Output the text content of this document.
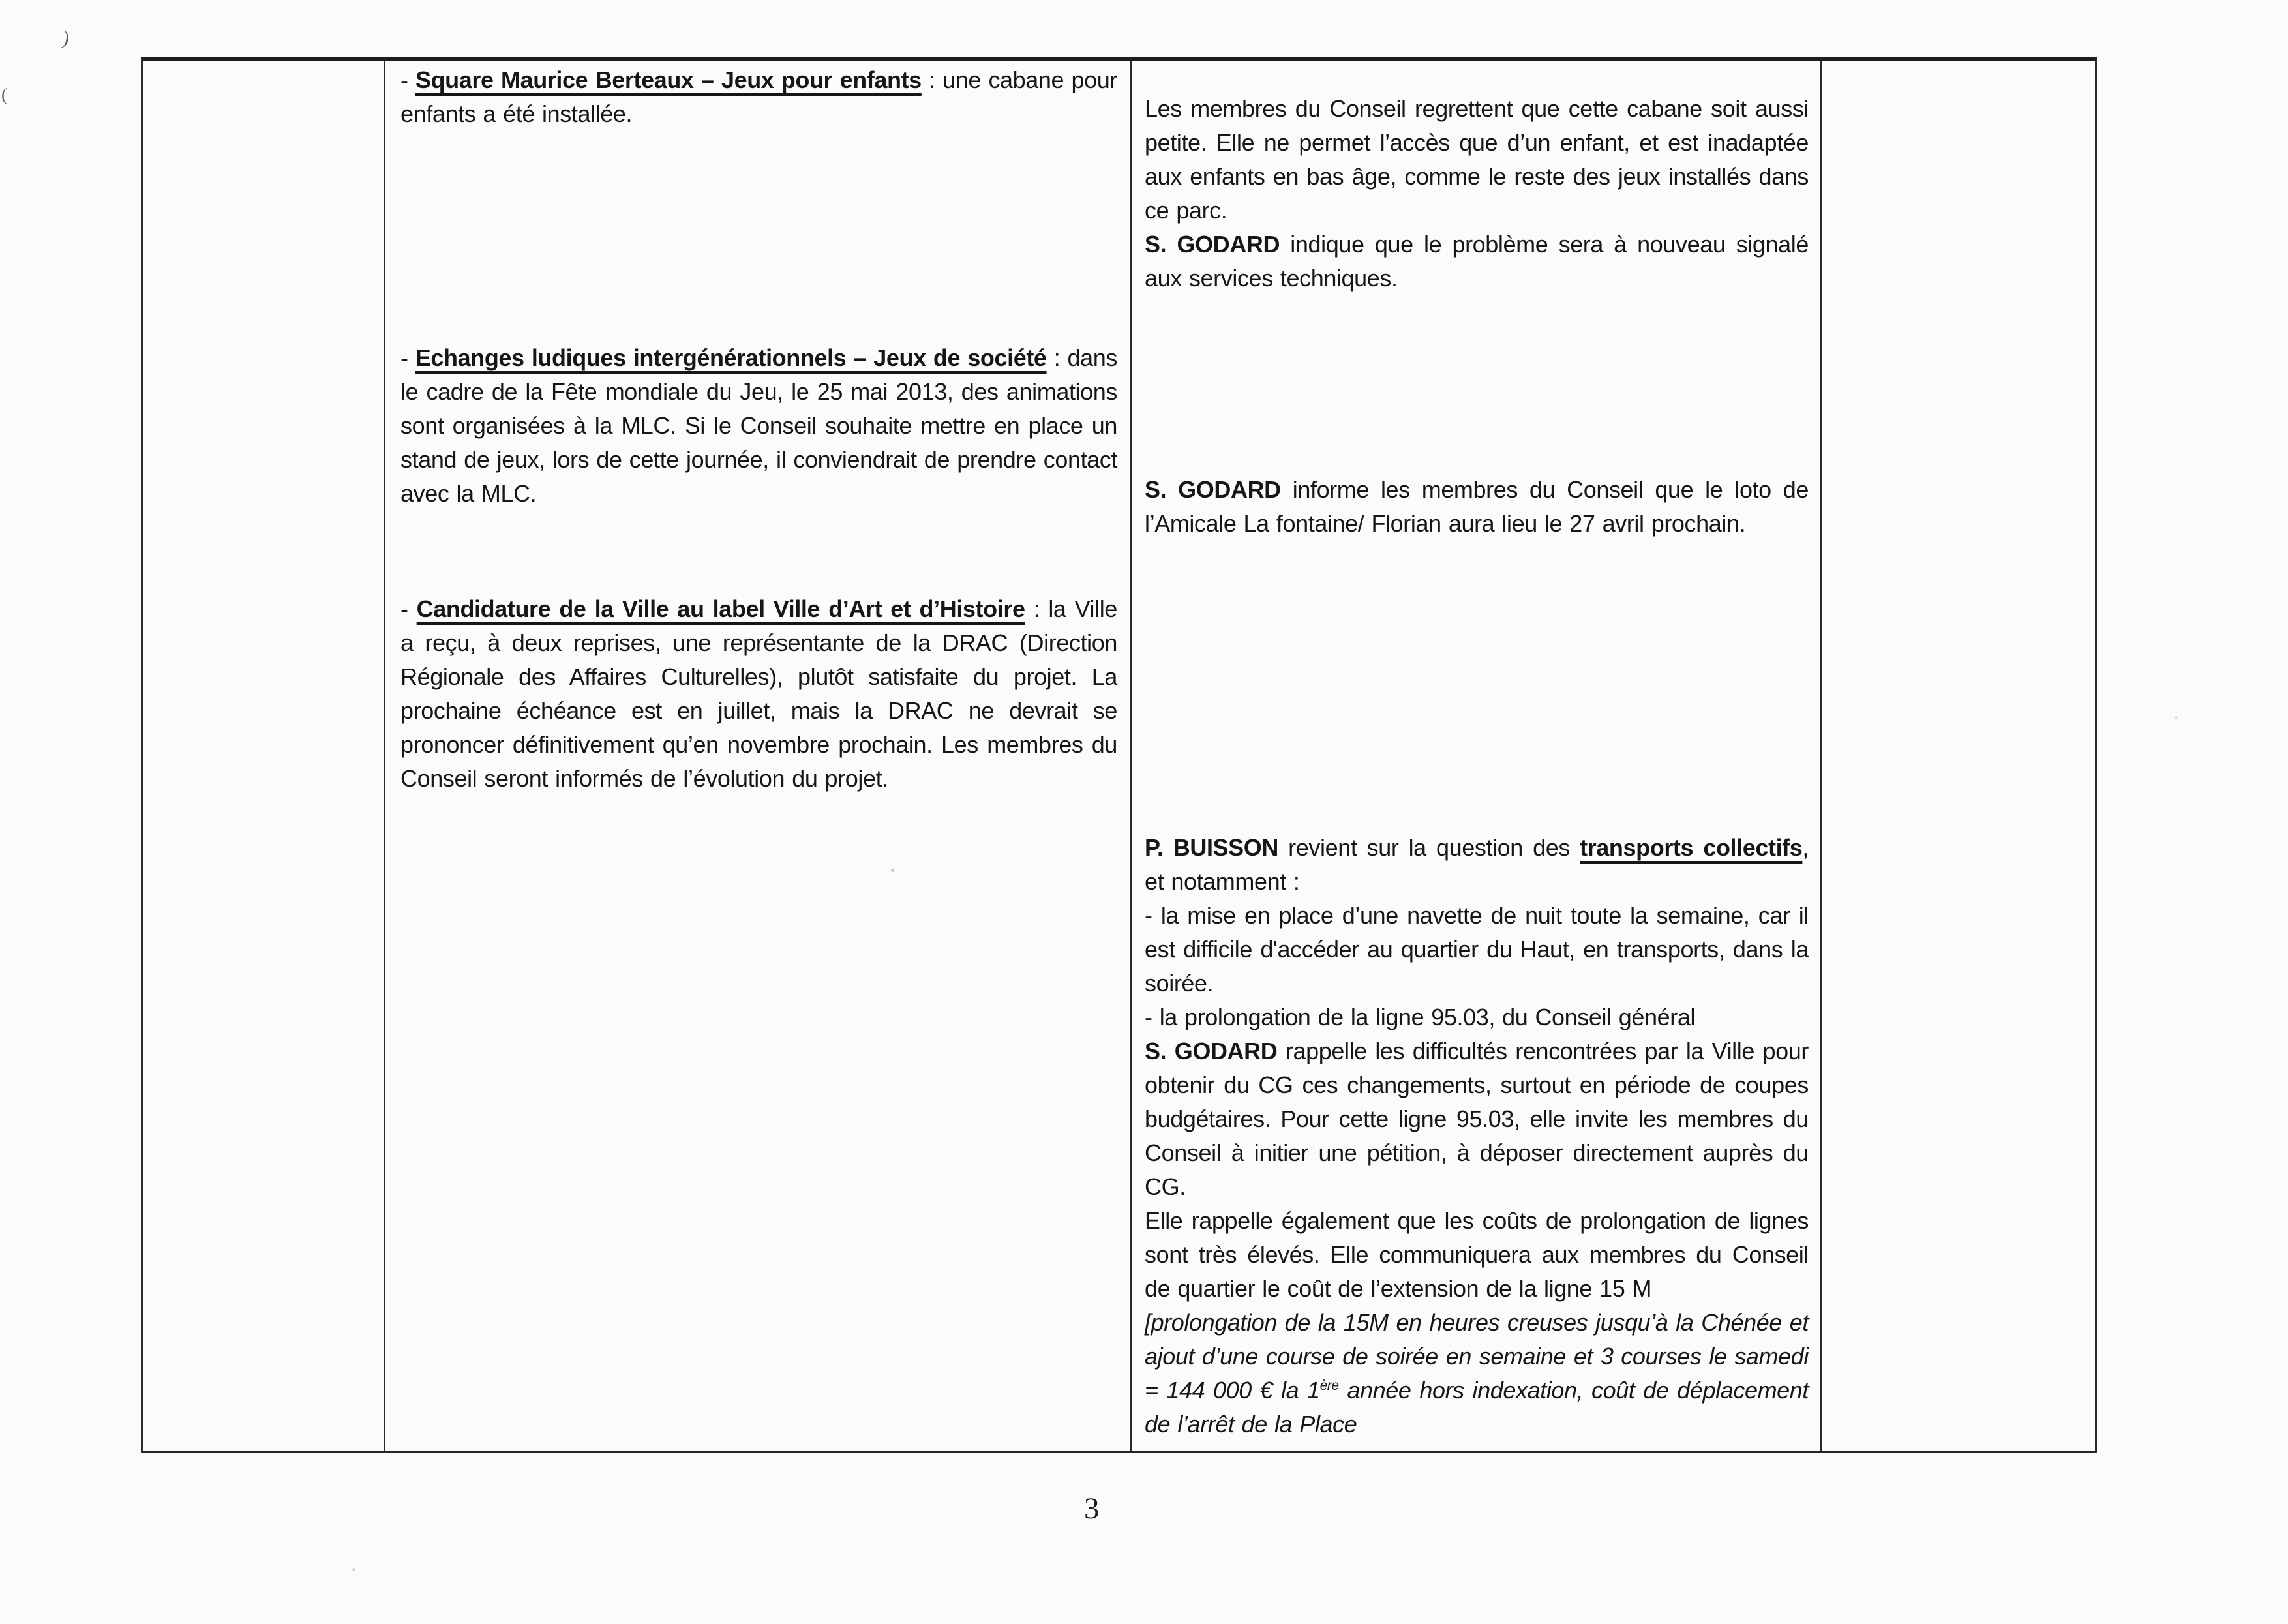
)
(

- Square Maurice Berteaux – Jeux pour enfants : une cabane pour enfants a été installée.

- Echanges ludiques intergénérationnels – Jeux de société : dans le cadre de la Fête mondiale du Jeu, le 25 mai 2013, des animations sont organisées à la MLC. Si le Conseil souhaite mettre en place un stand de jeux, lors de cette journée, il conviendrait de prendre contact avec la MLC.

- Candidature de la Ville au label Ville d’Art et d’Histoire : la Ville a reçu, à deux reprises, une représentante de la DRAC (Direction Régionale des Affaires Culturelles), plutôt satisfaite du projet. La prochaine échéance est en juillet, mais la DRAC ne devrait se prononcer définitivement qu’en novembre prochain. Les membres du Conseil seront informés de l’évolution du projet.

Les membres du Conseil regrettent que cette cabane soit aussi petite. Elle ne permet l’accès que d’un enfant, et est inadaptée aux enfants en bas âge, comme le reste des jeux installés dans ce parc.

S. GODARD indique que le problème sera à nouveau signalé aux services techniques.

S. GODARD informe les membres du Conseil que le loto de l’Amicale La fontaine/ Florian aura lieu le 27 avril prochain.

P. BUISSON revient sur la question des transports collectifs, et notamment :

- la mise en place d’une navette de nuit toute la semaine, car il est difficile d'accéder au quartier du Haut, en transports, dans la soirée.

- la prolongation de la ligne 95.03, du Conseil général

S. GODARD rappelle les difficultés rencontrées par la Ville pour obtenir du CG ces changements, surtout en période de coupes budgétaires. Pour cette ligne 95.03, elle invite les membres du Conseil à initier une pétition, à déposer directement auprès du CG.

Elle rappelle également que les coûts de prolongation de lignes sont très élevés. Elle communiquera aux membres du Conseil de quartier le coût de l’extension de la ligne 15 M

[prolongation de la 15M en heures creuses jusqu’à la Chénée et ajout d’une course de soirée en semaine et 3 courses le samedi = 144 000 € la 1ère année hors indexation, coût de déplacement de l’arrêt de la Place

3
